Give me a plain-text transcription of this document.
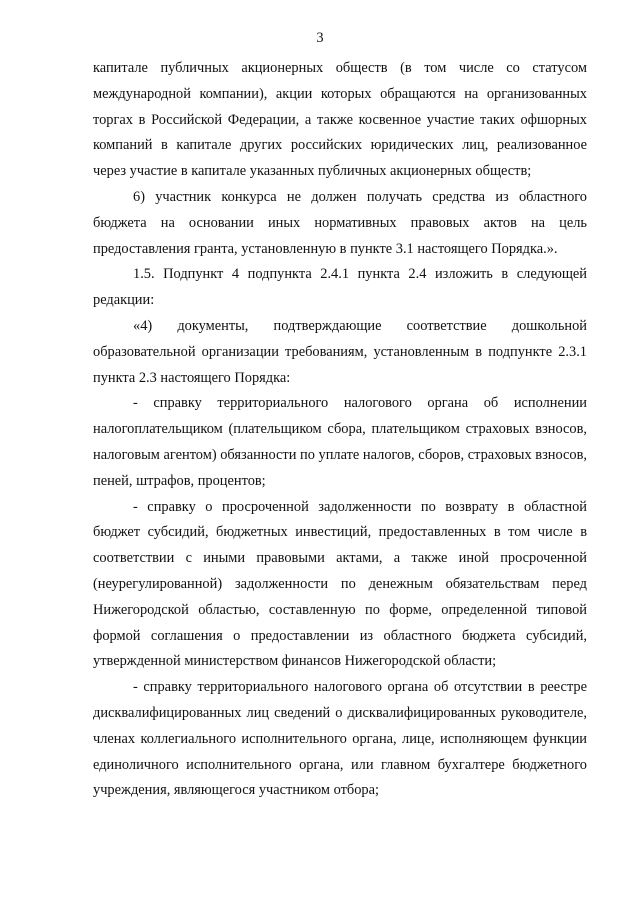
3

капитале публичных акционерных обществ (в том числе со статусом международной компании), акции которых обращаются на организованных торгах в Российской Федерации, а также косвенное участие таких офшорных компаний в капитале других российских юридических лиц, реализованное через участие в капитале указанных публичных акционерных обществ;

6) участник конкурса не должен получать средства из областного бюджета на основании иных нормативных правовых актов на цель предоставления гранта, установленную в пункте 3.1 настоящего Порядка.».

1.5. Подпункт 4 подпункта 2.4.1 пункта 2.4 изложить в следующей редакции:

«4) документы, подтверждающие соответствие дошкольной образовательной организации требованиям, установленным в подпункте 2.3.1 пункта 2.3 настоящего Порядка:

- справку территориального налогового органа об исполнении налогоплательщиком (плательщиком сбора, плательщиком страховых взносов, налоговым агентом) обязанности по уплате налогов, сборов, страховых взносов, пеней, штрафов, процентов;

- справку о просроченной задолженности по возврату в областной бюджет субсидий, бюджетных инвестиций, предоставленных в том числе в соответствии с иными правовыми актами, а также иной просроченной (неурегулированной) задолженности по денежным обязательствам перед Нижегородской областью, составленную по форме, определенной типовой формой соглашения о предоставлении из областного бюджета субсидий, утвержденной министерством финансов Нижегородской области;

- справку территориального налогового органа об отсутствии в реестре дисквалифицированных лиц сведений о дисквалифицированных руководителе, членах коллегиального исполнительного органа, лице, исполняющем функции единоличного исполнительного органа, или главном бухгалтере бюджетного учреждения, являющегося участником отбора;
